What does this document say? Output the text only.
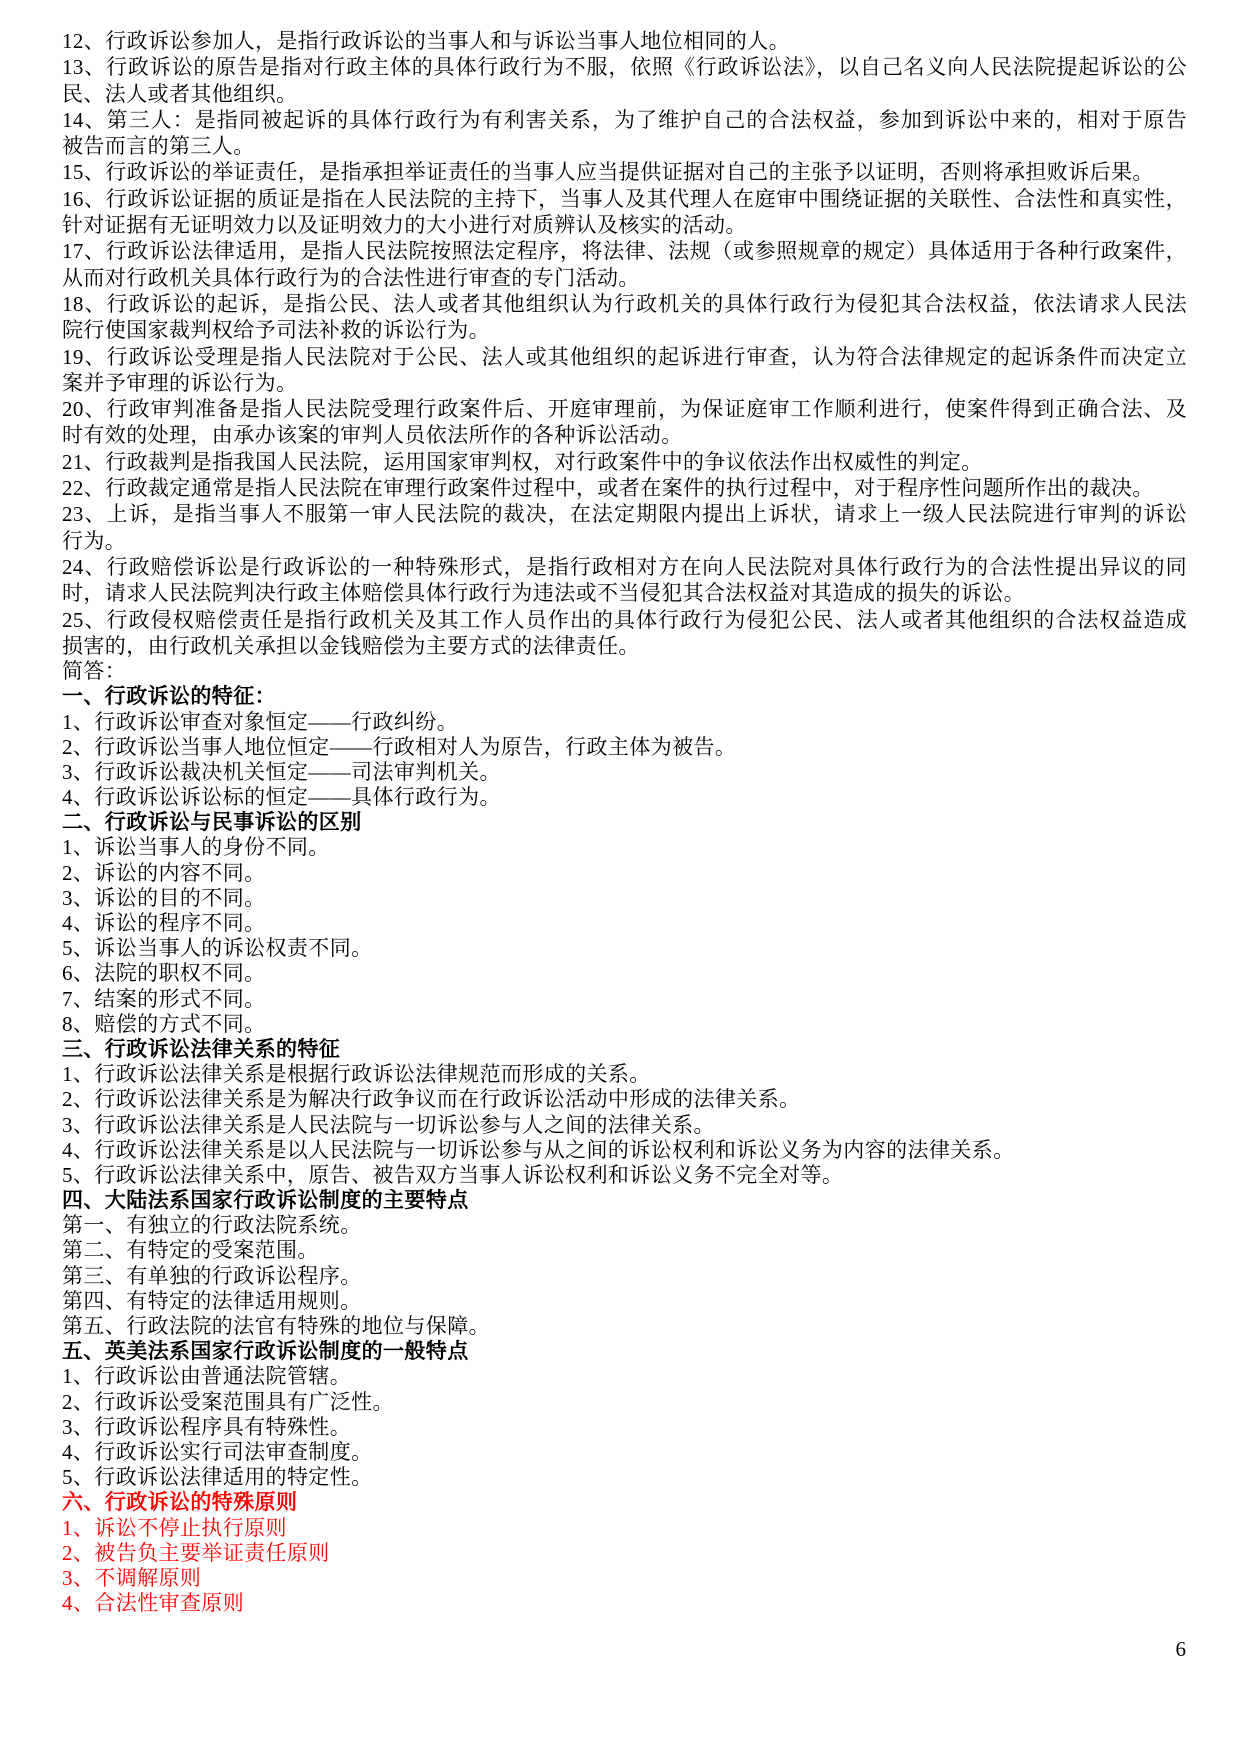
12、行政诉讼参加人，是指行政诉讼的当事人和与诉讼当事人地位相同的人。
13、行政诉讼的原告是指对行政主体的具体行政行为不服，依照《行政诉讼法》，以自己名义向人民法院提起诉讼的公
民、法人或者其他组织。
14、第三人：是指同被起诉的具体行政行为有利害关系，为了维护自己的合法权益，参加到诉讼中来的，相对于原告
被告而言的第三人。
15、行政诉讼的举证责任，是指承担举证责任的当事人应当提供证据对自己的主张予以证明，否则将承担败诉后果。
16、行政诉讼证据的质证是指在人民法院的主持下，当事人及其代理人在庭审中围绕证据的关联性、合法性和真实性，
针对证据有无证明效力以及证明效力的大小进行对质辨认及核实的活动。
17、行政诉讼法律适用，是指人民法院按照法定程序，将法律、法规（或参照规章的规定）具体适用于各种行政案件，
从而对行政机关具体行政行为的合法性进行审查的专门活动。
18、行政诉讼的起诉，是指公民、法人或者其他组织认为行政机关的具体行政行为侵犯其合法权益，依法请求人民法
院行使国家裁判权给予司法补救的诉讼行为。
19、行政诉讼受理是指人民法院对于公民、法人或其他组织的起诉进行审查，认为符合法律规定的起诉条件而决定立
案并予审理的诉讼行为。
20、行政审判准备是指人民法院受理行政案件后、开庭审理前，为保证庭审工作顺利进行，使案件得到正确合法、及
时有效的处理，由承办该案的审判人员依法所作的各种诉讼活动。
21、行政裁判是指我国人民法院，运用国家审判权，对行政案件中的争议依法作出权威性的判定。
22、行政裁定通常是指人民法院在审理行政案件过程中，或者在案件的执行过程中，对于程序性问题所作出的裁决。
23、上诉，是指当事人不服第一审人民法院的裁决，在法定期限内提出上诉状，请求上一级人民法院进行审判的诉讼
行为。
24、行政赔偿诉讼是行政诉讼的一种特殊形式，是指行政相对方在向人民法院对具体行政行为的合法性提出异议的同
时，请求人民法院判决行政主体赔偿具体行政行为违法或不当侵犯其合法权益对其造成的损失的诉讼。
25、行政侵权赔偿责任是指行政机关及其工作人员作出的具体行政行为侵犯公民、法人或者其他组织的合法权益造成
损害的，由行政机关承担以金钱赔偿为主要方式的法律责任。
简答：
一、行政诉讼的特征：
1、行政诉讼审查对象恒定——行政纠纷。
2、行政诉讼当事人地位恒定——行政相对人为原告，行政主体为被告。
3、行政诉讼裁决机关恒定——司法审判机关。
4、行政诉讼诉讼标的恒定——具体行政行为。
二、行政诉讼与民事诉讼的区别
1、诉讼当事人的身份不同。
2、诉讼的内容不同。
3、诉讼的目的不同。
4、诉讼的程序不同。
5、诉讼当事人的诉讼权责不同。
6、法院的职权不同。
7、结案的形式不同。
8、赔偿的方式不同。
三、行政诉讼法律关系的特征
1、行政诉讼法律关系是根据行政诉讼法律规范而形成的关系。
2、行政诉讼法律关系是为解决行政争议而在行政诉讼活动中形成的法律关系。
3、行政诉讼法律关系是人民法院与一切诉讼参与人之间的法律关系。
4、行政诉讼法律关系是以人民法院与一切诉讼参与从之间的诉讼权利和诉讼义务为内容的法律关系。
5、行政诉讼法律关系中，原告、被告双方当事人诉讼权利和诉讼义务不完全对等。
四、大陆法系国家行政诉讼制度的主要特点
第一、有独立的行政法院系统。
第二、有特定的受案范围。
第三、有单独的行政诉讼程序。
第四、有特定的法律适用规则。
第五、行政法院的法官有特殊的地位与保障。
五、英美法系国家行政诉讼制度的一般特点
1、行政诉讼由普通法院管辖。
2、行政诉讼受案范围具有广泛性。
3、行政诉讼程序具有特殊性。
4、行政诉讼实行司法审查制度。
5、行政诉讼法律适用的特定性。
六、行政诉讼的特殊原则
1、诉讼不停止执行原则
2、被告负主要举证责任原则
3、不调解原则
4、合法性审查原则
6
